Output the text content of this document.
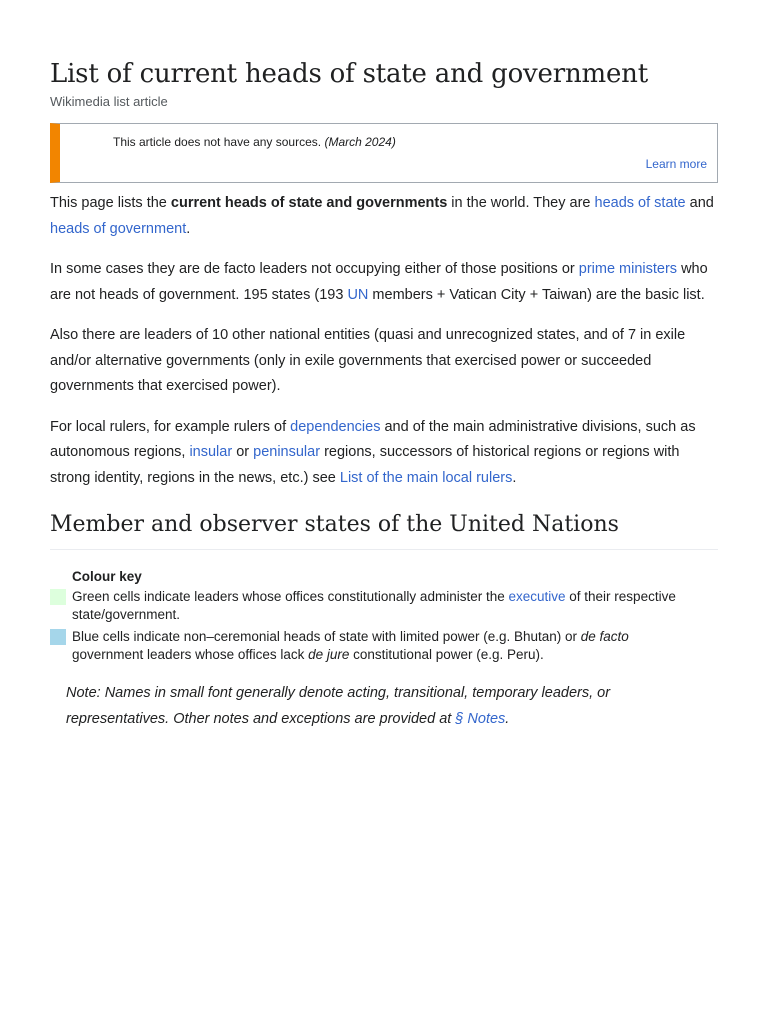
List of current heads of state and government
Wikimedia list article
This article does not have any sources. (March 2024)
Learn more

This page lists the current heads of state and governments in the world. They are heads of state and heads of government.

In some cases they are de facto leaders not occupying either of those positions or prime ministers who are not heads of government. 195 states (193 UN members + Vatican City + Taiwan) are the basic list.

Also there are leaders of 10 other national entities (quasi and unrecognized states, and of 7 in exile and/or alternative governments (only in exile governments that exercised power or succeeded governments that exercised power).

For local rulers, for example rulers of dependencies and of the main administrative divisions, such as autonomous regions, insular or peninsular regions, successors of historical regions or regions with strong identity, regions in the news, etc.) see List of the main local rulers.

Member and observer states of the United Nations
Colour key
Green cells indicate leaders whose offices constitutionally administer the executive of their respective state/government.
Blue cells indicate non–ceremonial heads of state with limited power (e.g. Bhutan) or de facto government leaders whose offices lack de jure constitutional power (e.g. Peru).
Note: Names in small font generally denote acting, transitional, temporary leaders, or representatives. Other notes and exceptions are provided at § Notes.
